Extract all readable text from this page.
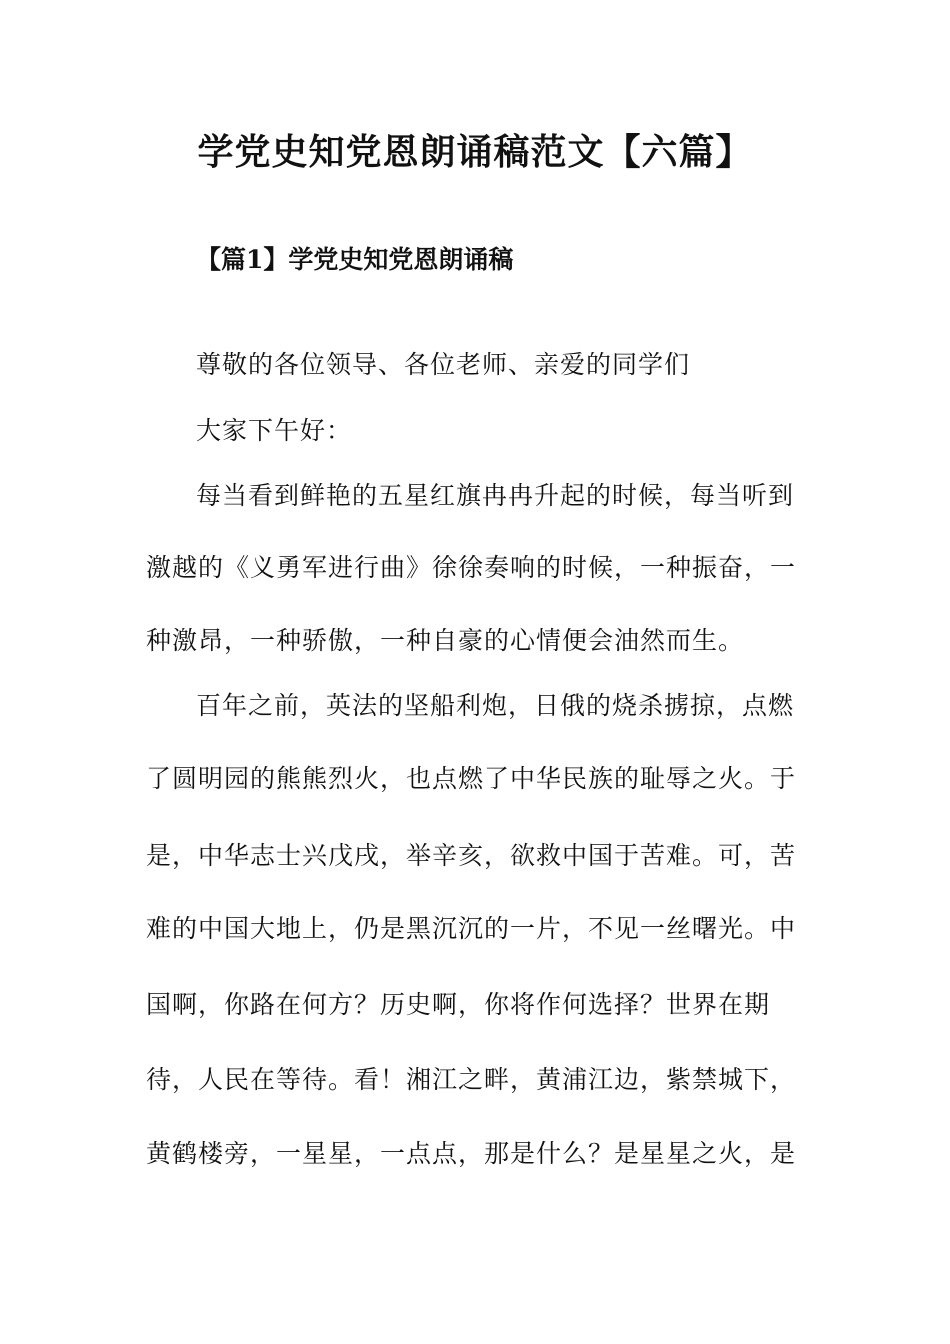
学党史知党恩朗诵稿范文【六篇】
【篇1】学党史知党恩朗诵稿
尊敬的各位领导、各位老师、亲爱的同学们
大家下午好：
每当看到鲜艳的五星红旗冉冉升起的时候，每当听到
激越的《义勇军进行曲》徐徐奏响的时候，一种振奋，一
种激昂，一种骄傲，一种自豪的心情便会油然而生。
百年之前，英法的坚船利炮，日俄的烧杀掳掠，点燃
了圆明园的熊熊烈火，也点燃了中华民族的耻辱之火。于
是，中华志士兴戊戌，举辛亥，欲救中国于苦难。可，苦
难的中国大地上，仍是黑沉沉的一片，不见一丝曙光。中
国啊，你路在何方？历史啊，你将作何选择？世界在期
待，人民在等待。看！湘江之畔，黄浦江边，紫禁城下，
黄鹤楼旁，一星星，一点点，那是什么？是星星之火，是
